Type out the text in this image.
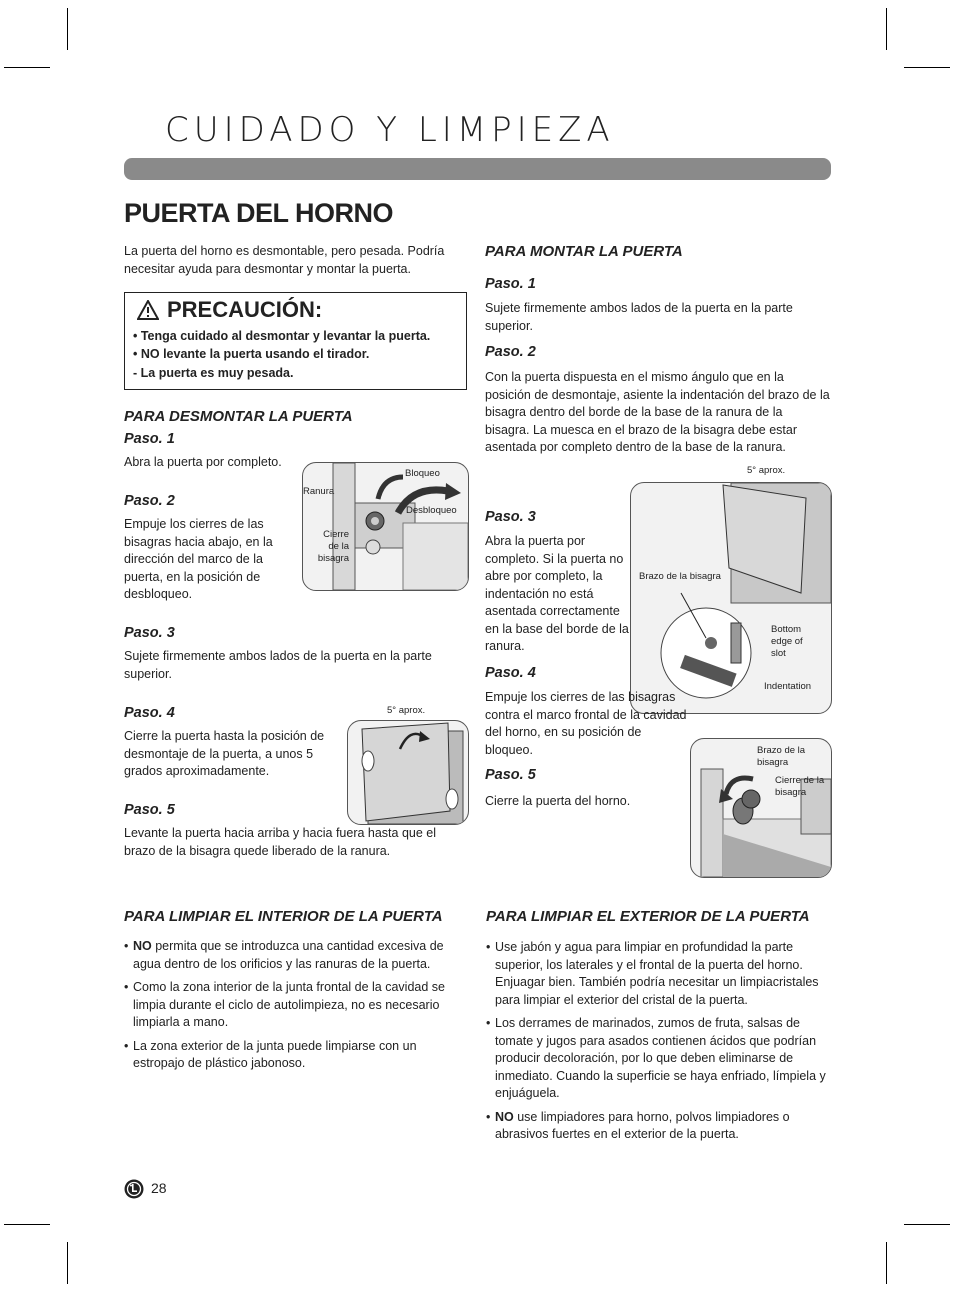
CUIDADO Y LIMPIEZA
PUERTA DEL HORNO
La puerta del horno es desmontable, pero pesada. Podría necesitar ayuda para desmontar y montar la puerta.
PRECAUCIÓN:
• Tenga cuidado al desmontar y levantar la puerta.
• NO levante la puerta usando el tirador.
- La puerta es muy pesada.
PARA DESMONTAR LA PUERTA
Paso. 1
Abra la puerta por completo.
Paso. 2
Empuje los cierres de las bisagras hacia abajo, en la dirección del marco de la puerta, en la posición de desbloqueo.
Bloqueo
Ranura
Desbloqueo
Cierre de la bisagra
Paso. 3
Sujete firmemente ambos lados de la puerta en la parte superior.
Paso. 4
Cierre la puerta hasta la posición de desmontaje de la puerta, a unos 5 grados aproximadamente.
5° aprox.
Paso. 5
Levante la puerta hacia arriba y hacia fuera hasta que el brazo de la bisagra quede liberado de la ranura.
PARA MONTAR LA PUERTA
Paso. 1
Sujete firmemente ambos lados de la puerta en la parte superior.
Paso. 2
Con la puerta dispuesta en el mismo ángulo que en la posición de desmontaje, asiente la indentación del brazo de la bisagra dentro del borde de la base de la ranura de la bisagra. La muesca en el brazo de la bisagra debe estar asentada por completo dentro de la base de la ranura.
5° aprox.
Brazo de la bisagra
Bottom edge of slot
Indentation
Paso. 3
Abra la puerta por completo. Si la puerta no abre por completo, la indentación no está asentada correctamente en la base del borde de la ranura.
Paso. 4
Empuje los cierres de las bisagras contra el marco frontal de la cavidad del horno, en su posición de bloqueo.
Paso. 5
Cierre la puerta del horno.
Brazo de la bisagra
Cierre de la bisagra
PARA LIMPIAR EL INTERIOR DE LA PUERTA
• NO permita que se introduzca una cantidad excesiva de agua dentro de los orificios y las ranuras de la puerta.
• Como la zona interior de la junta frontal de la cavidad se limpia durante el ciclo de autolimpieza, no es necesario limpiarla a mano.
• La zona exterior de la junta puede limpiarse con un estropajo de plástico jabonoso.
PARA LIMPIAR EL EXTERIOR DE LA PUERTA
• Use jabón y agua para limpiar en profundidad la parte superior, los laterales y el frontal de la puerta del horno. Enjuagar bien. También podría necesitar un limpiacristales para limpiar el exterior del cristal de la puerta.
• Los derrames de marinados, zumos de fruta, salsas de tomate y jugos para asados contienen ácidos que podrían producir decoloración, por lo que deben eliminarse de inmediato. Cuando la superficie se haya enfriado, límpiela y enjuáguela.
• NO use limpiadores para horno, polvos limpiadores o abrasivos fuertes en el exterior de la puerta.
28
